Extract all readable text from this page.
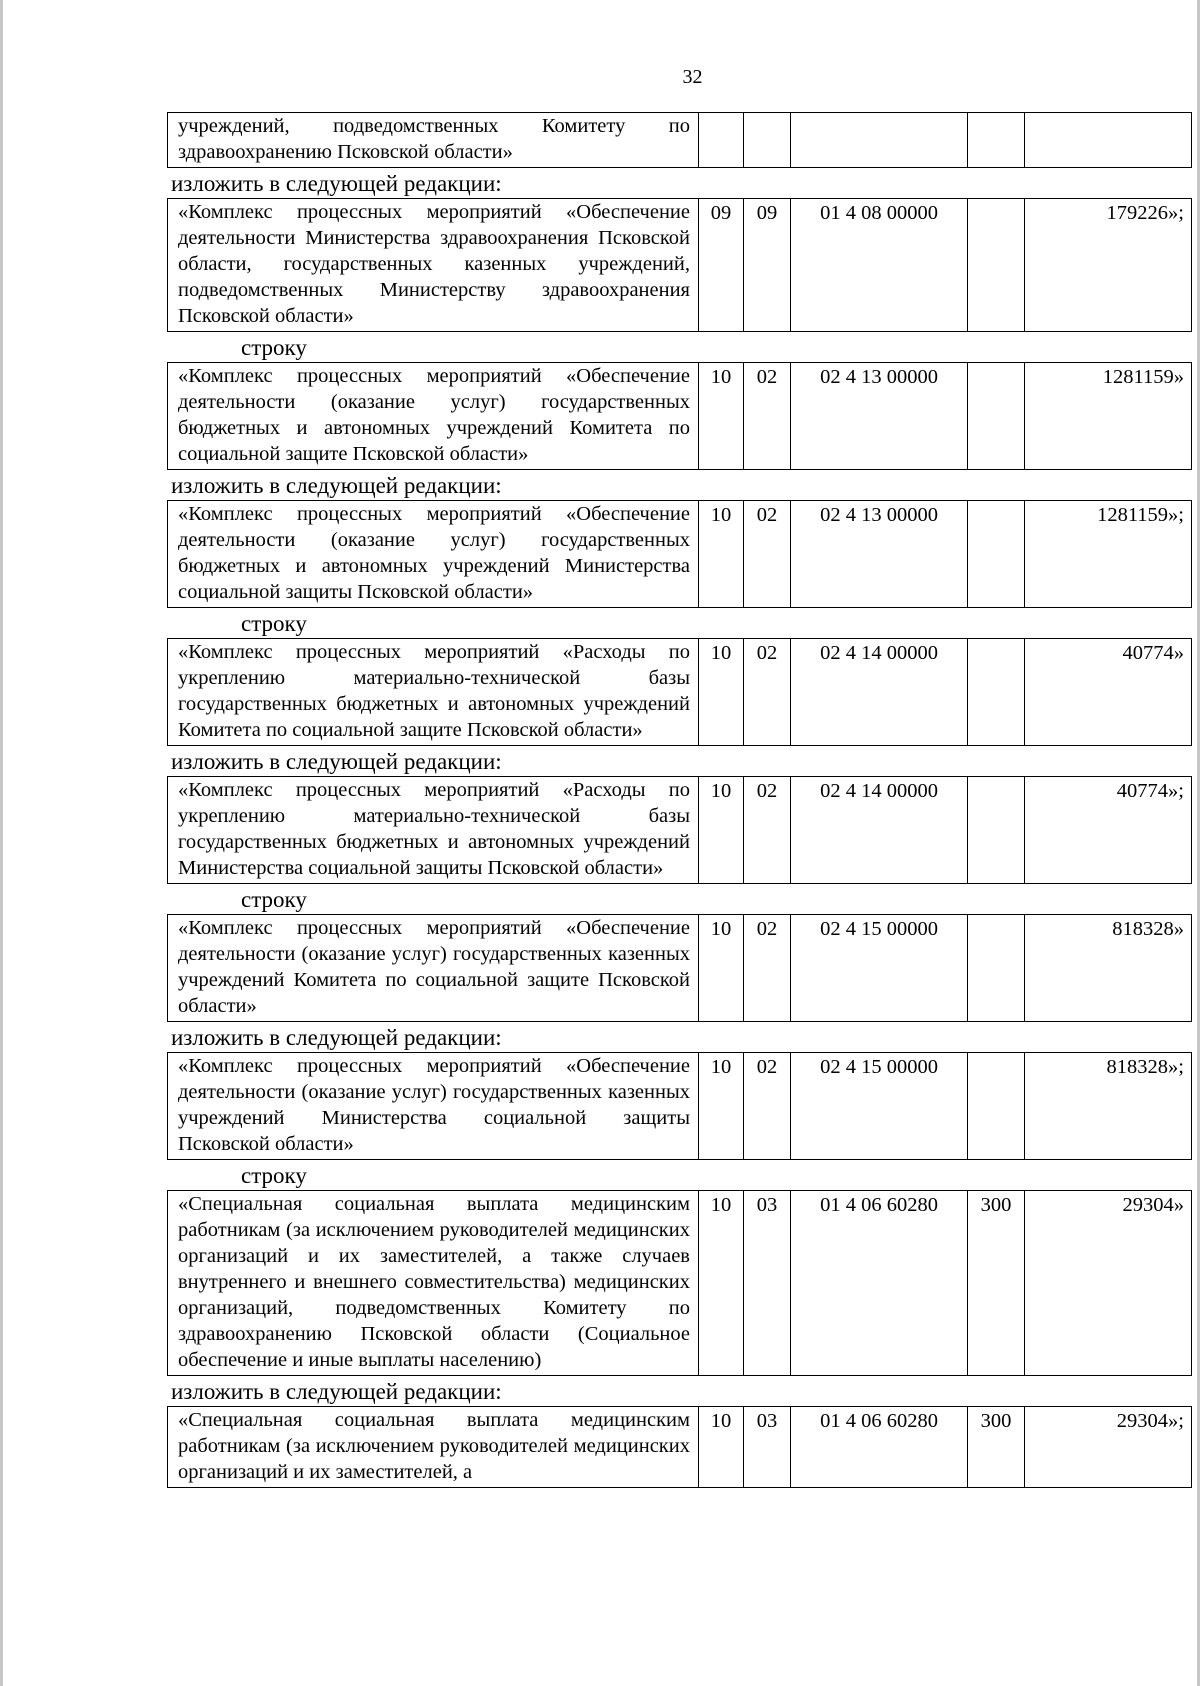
32
учреждений, подведомственных Комитету по здравоохранению Псковской области»
изложить в следующей редакции:
«Комплекс процессных мероприятий «Обеспечение деятельности Министерства здравоохранения Псковской области, государственных казенных учреждений, подведомственных Министерству здравоохранения Псковской области»
09	09	01 4 08 00000	179226»;
строку
«Комплекс процессных мероприятий «Обеспечение деятельности (оказание услуг) государственных бюджетных и автономных учреждений Комитета по социальной защите Псковской области»
10	02	02 4 13 00000	1281159»
изложить в следующей редакции:
«Комплекс процессных мероприятий «Обеспечение деятельности (оказание услуг) государственных бюджетных и автономных учреждений Министерства социальной защиты Псковской области»
10	02	02 4 13 00000	1281159»;
строку
«Комплекс процессных мероприятий «Расходы по укреплению материально-технической базы государственных бюджетных и автономных учреждений Комитета по социальной защите Псковской области»
10	02	02 4 14 00000	40774»
изложить в следующей редакции:
«Комплекс процессных мероприятий «Расходы по укреплению материально-технической базы государственных бюджетных и автономных учреждений Министерства социальной защиты Псковской области»
10	02	02 4 14 00000	40774»;
строку
«Комплекс процессных мероприятий «Обеспечение деятельности (оказание услуг) государственных казенных учреждений Комитета по социальной защите Псковской области»
10	02	02 4 15 00000	818328»
изложить в следующей редакции:
«Комплекс процессных мероприятий «Обеспечение деятельности (оказание услуг) государственных казенных учреждений Министерства социальной защиты Псковской области»
10	02	02 4 15 00000	818328»;
строку
«Специальная социальная выплата медицинским работникам (за исключением руководителей медицинских организаций и их заместителей, а также случаев внутреннего и внешнего совместительства) медицинских организаций, подведомственных Комитету по здравоохранению Псковской области (Социальное обеспечение и иные выплаты населению)
10	03	01 4 06 60280	300	29304»
изложить в следующей редакции:
«Специальная социальная выплата медицинским работникам (за исключением руководителей медицинских организаций и их заместителей, а
10	03	01 4 06 60280	300	29304»;
